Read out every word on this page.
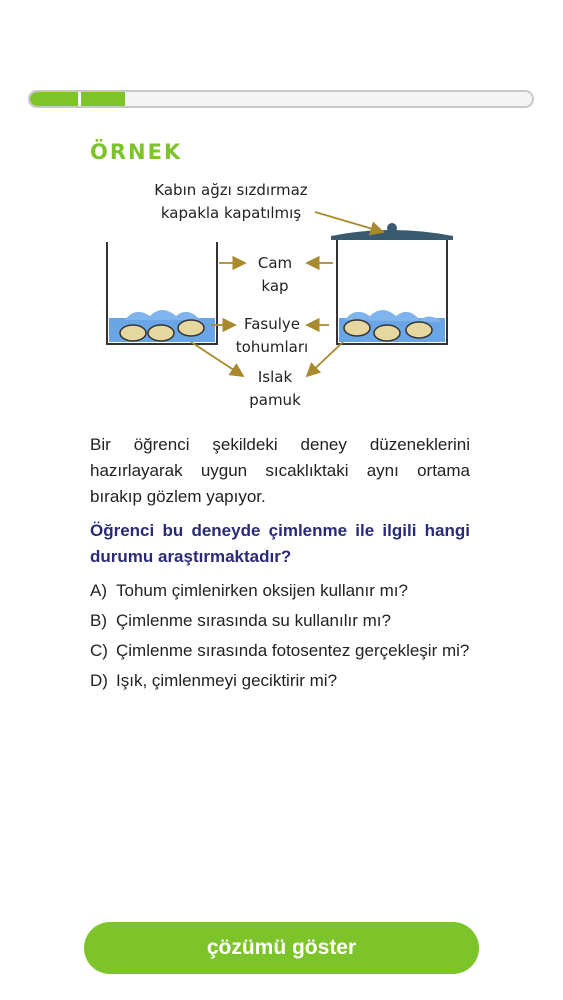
ÖRNEK
Kabın ağzı sızdırmaz
kapakla kapatılmış
Cam
kap
Fasulye
tohumları
Islak
pamuk

Bir öğrenci şekildeki deney düzeneklerini hazırlayarak uygun sıcaklıktaki aynı ortama bırakıp gözlem yapıyor.

Öğrenci bu deneyde çimlenme ile ilgili hangi durumu araştırmaktadır?

A) Tohum çimlenirken oksijen kullanır mı?
B) Çimlenme sırasında su kullanılır mı?
C) Çimlenme sırasında fotosentez gerçekleşir mi?
D) Işık, çimlenmeyi geciktirir mi?
çözümü göster
